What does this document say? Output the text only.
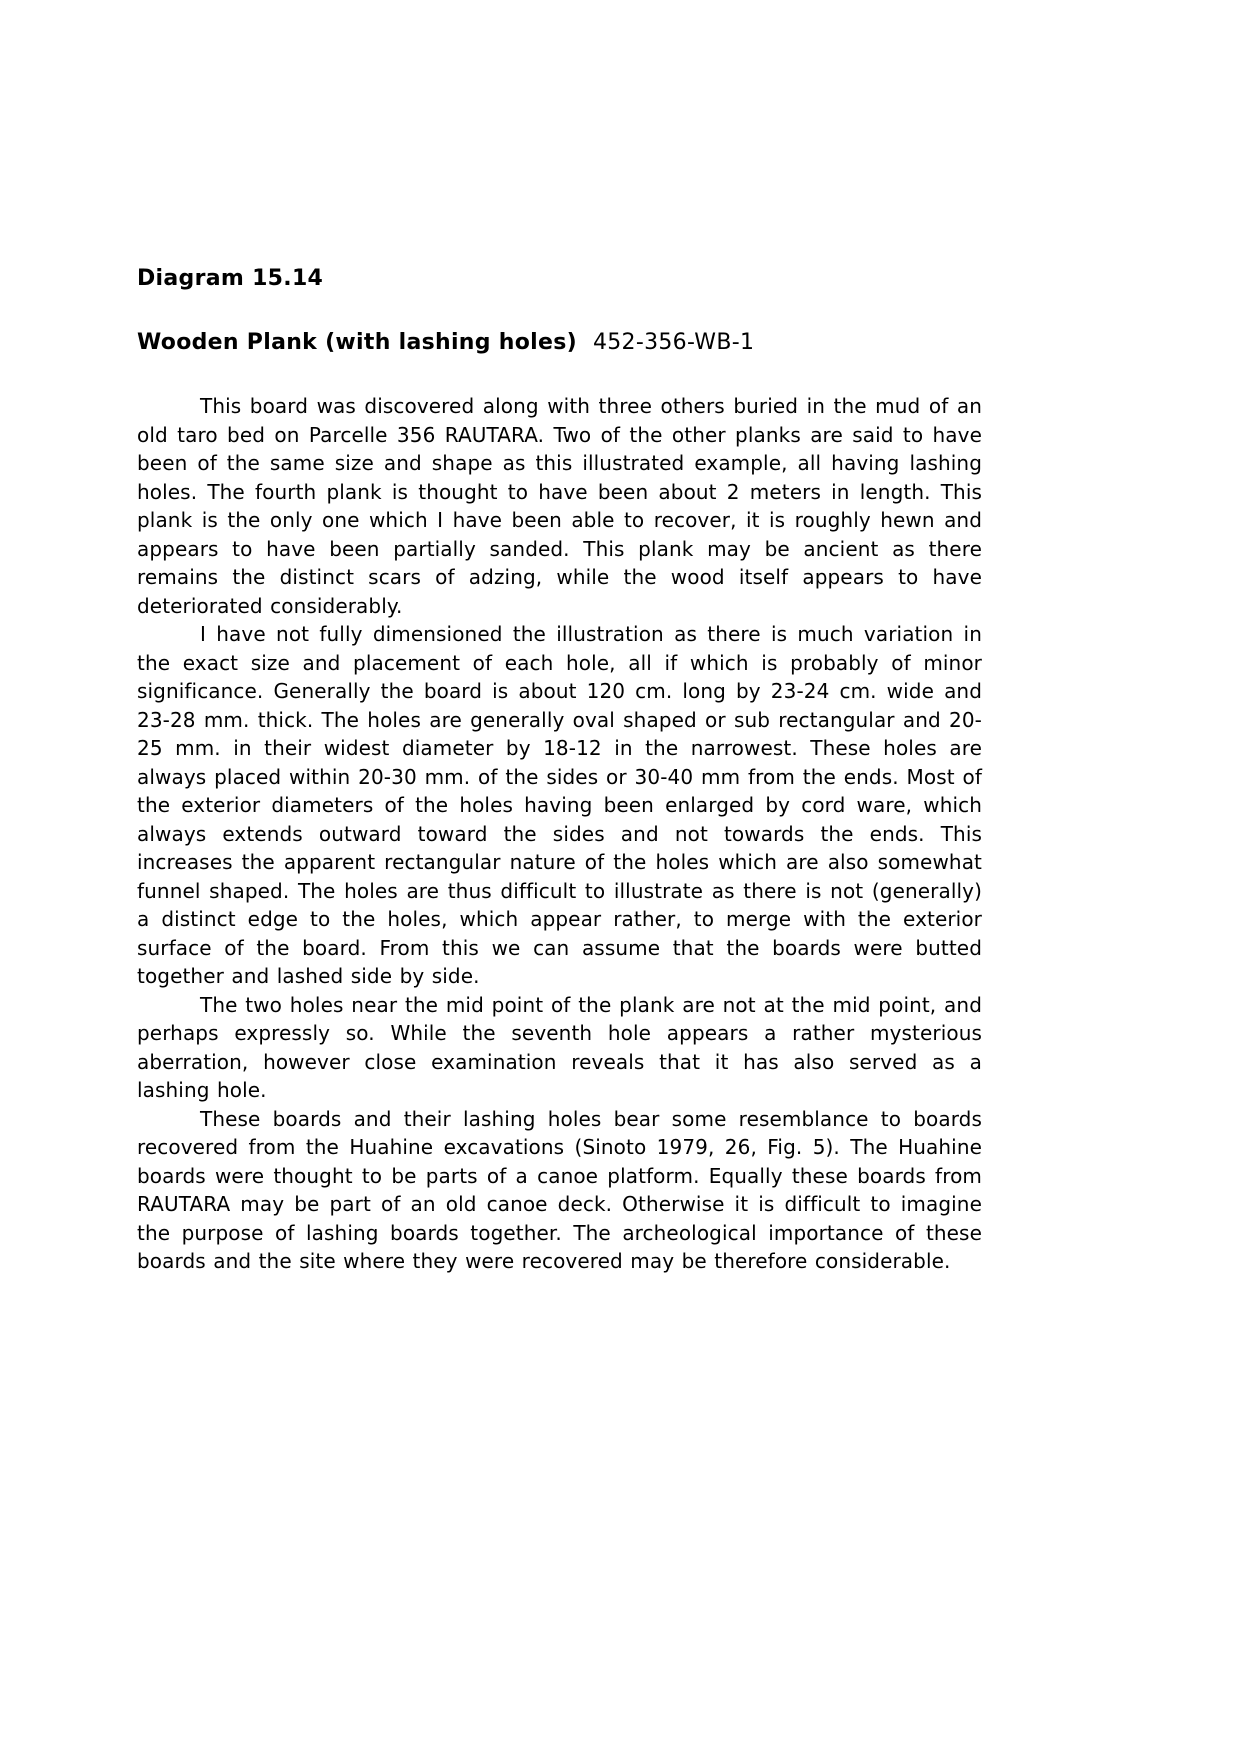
Diagram 15.14
Wooden Plank (with lashing holes) 452-356-WB-1

This board was discovered along with three others buried in the mud of an old taro bed on Parcelle 356 RAUTARA. Two of the other planks are said to have been of the same size and shape as this illustrated example, all having lashing holes. The fourth plank is thought to have been about 2 meters in length. This plank is the only one which I have been able to recover, it is roughly hewn and appears to have been partially sanded. This plank may be ancient as there remains the distinct scars of adzing, while the wood itself appears to have deteriorated considerably.

I have not fully dimensioned the illustration as there is much variation in the exact size and placement of each hole, all if which is probably of minor significance. Generally the board is about 120 cm. long by 23-24 cm. wide and 23-28 mm. thick. The holes are generally oval shaped or sub rectangular and 20-25 mm. in their widest diameter by 18-12 in the narrowest. These holes are always placed within 20-30 mm. of the sides or 30-40 mm from the ends. Most of the exterior diameters of the holes having been enlarged by cord ware, which always extends outward toward the sides and not towards the ends. This increases the apparent rectangular nature of the holes which are also somewhat funnel shaped. The holes are thus difficult to illustrate as there is not (generally) a distinct edge to the holes, which appear rather, to merge with the exterior surface of the board. From this we can assume that the boards were butted together and lashed side by side.

The two holes near the mid point of the plank are not at the mid point, and perhaps expressly so. While the seventh hole appears a rather mysterious aberration, however close examination reveals that it has also served as a lashing hole.

These boards and their lashing holes bear some resemblance to boards recovered from the Huahine excavations (Sinoto 1979, 26, Fig. 5). The Huahine boards were thought to be parts of a canoe platform. Equally these boards from RAUTARA may be part of an old canoe deck. Otherwise it is difficult to imagine the purpose of lashing boards together. The archeological importance of these boards and the site where they were recovered may be therefore considerable.
